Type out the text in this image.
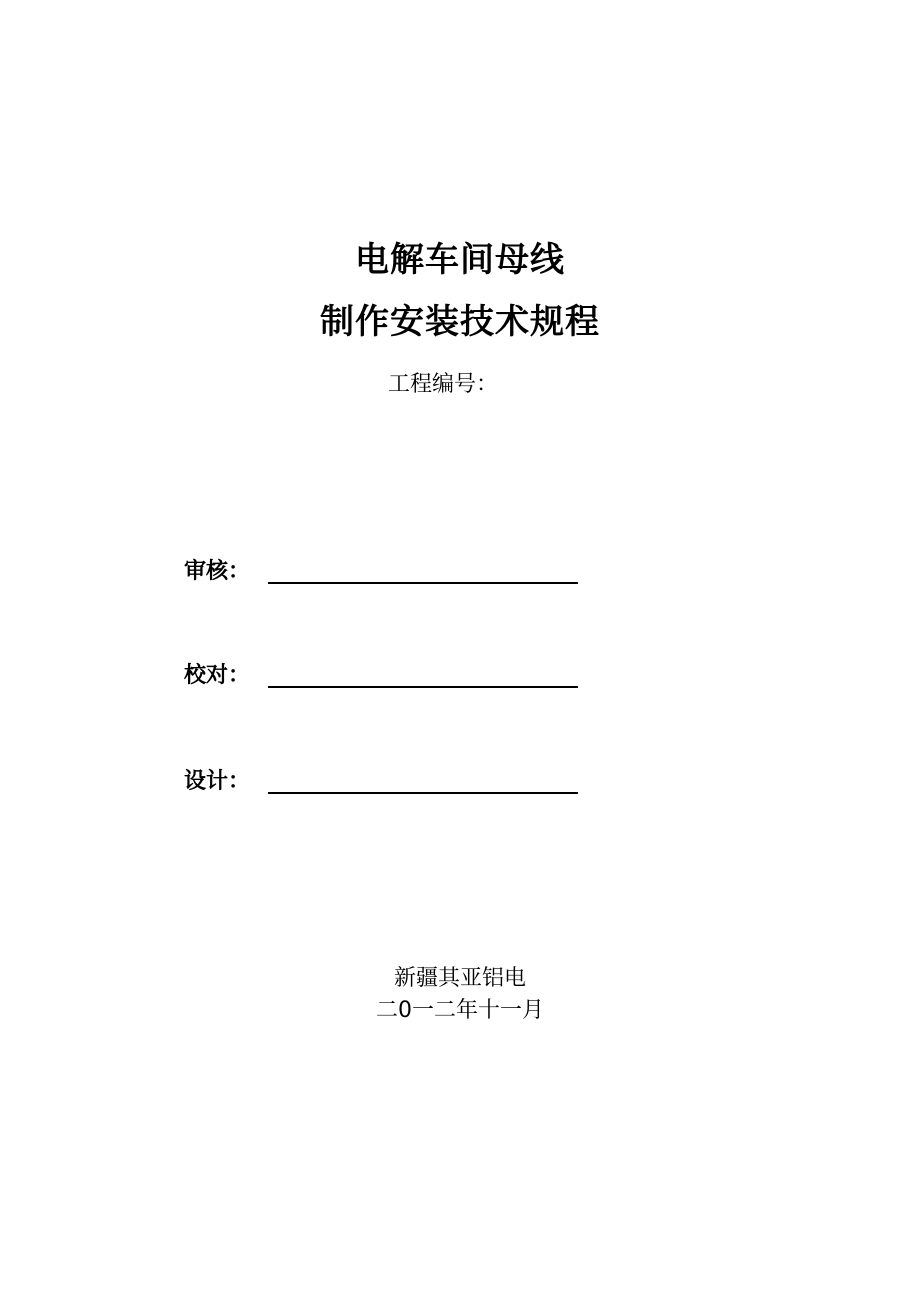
电解车间母线
制作安装技术规程
工程编号：
审核：
校对：
设计：
新疆其亚铝电
二0一二年十一月
